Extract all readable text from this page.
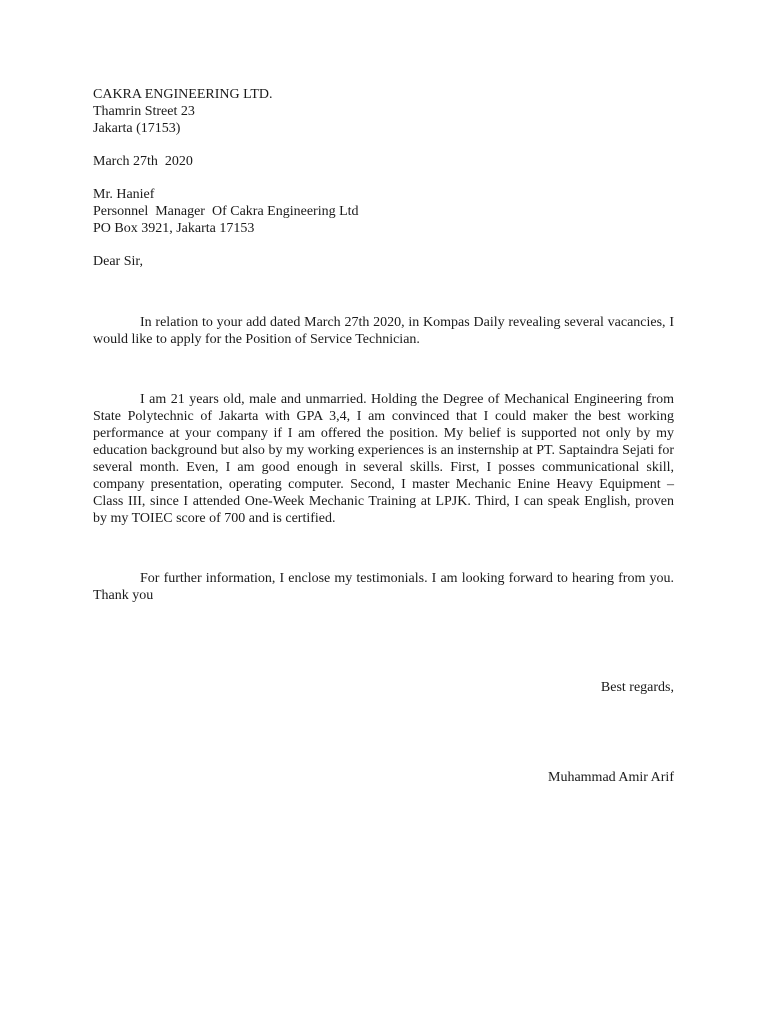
CAKRA ENGINEERING LTD.
Thamrin Street 23
Jakarta (17153)
March 27th  2020
Mr. Hanief
Personnel  Manager  Of Cakra Engineering Ltd
PO Box 3921, Jakarta 17153
Dear Sir,

In relation to your add dated March 27th 2020, in Kompas Daily revealing several vacancies, I would like to apply for the Position of Service Technician.

I am 21 years old, male and unmarried. Holding the Degree of Mechanical Engineering from State Polytechnic of Jakarta with GPA 3,4, I am convinced that I could maker the best working performance at your company if I am offered the position. My belief is supported not only by my education background but also by my working experiences is an insternship at PT. Saptaindra Sejati for several month. Even, I am good enough in several skills. First, I posses communicational skill, company presentation, operating computer. Second, I master Mechanic Enine Heavy Equipment – Class III, since I attended One-Week Mechanic Training at LPJK. Third, I can speak English, proven by my TOIEC score of 700 and is certified.

For further information, I enclose my testimonials. I am looking forward to hearing from you. Thank you

Best regards,
Muhammad Amir Arif
